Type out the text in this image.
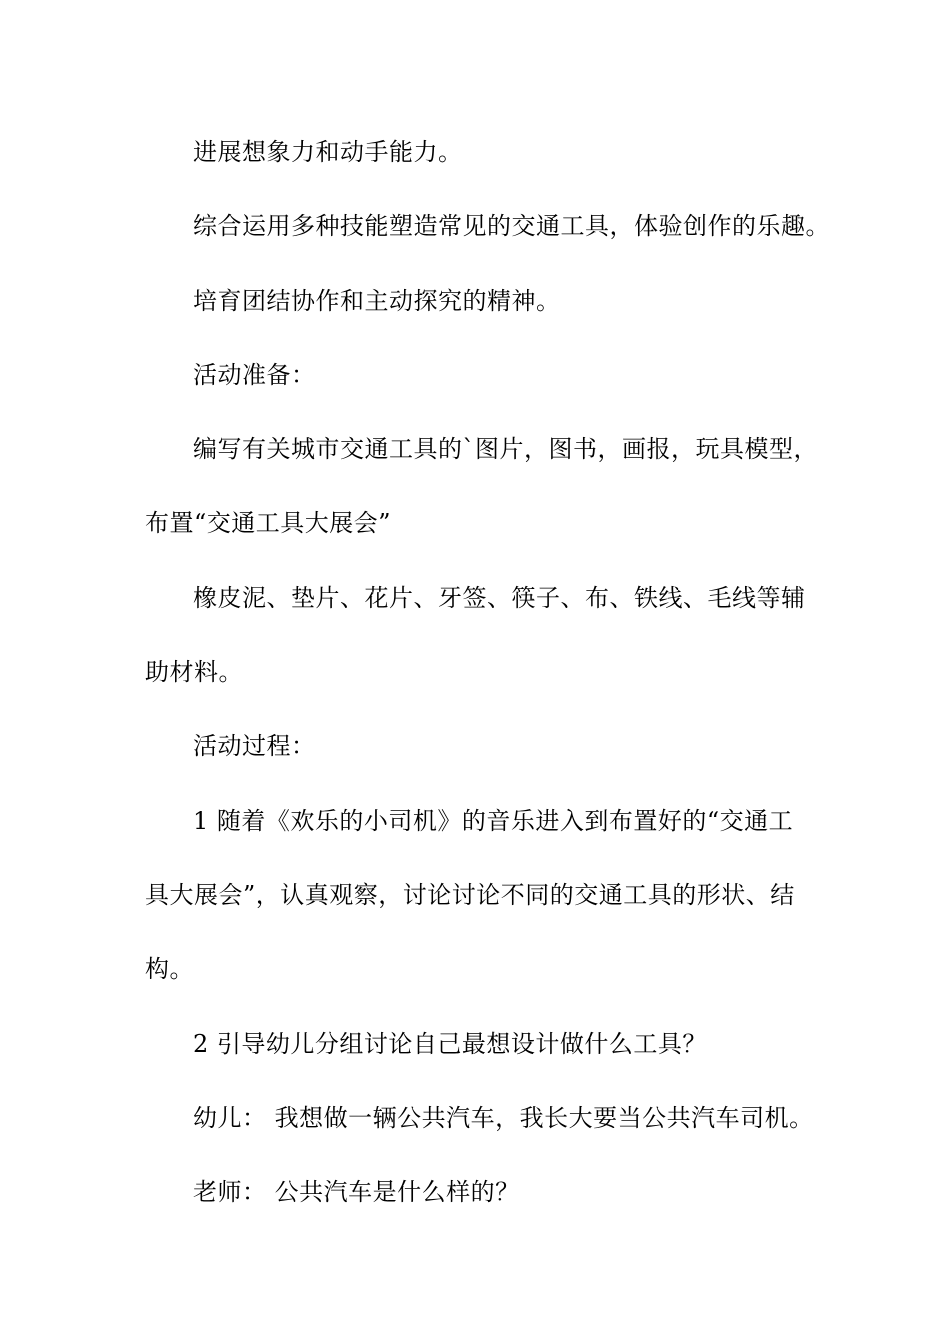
进展想象力和动手能力。
综合运用多种技能塑造常见的交通工具，体验创作的乐趣。
培育团结协作和主动探究的精神。
活动准备：
编写有关城市交通工具的`图片，图书，画报，玩具模型，
布置“交通工具大展会”
橡皮泥、垫片、花片、牙签、筷子、布、铁线、毛线等辅
助材料。
活动过程：
1 随着《欢乐的小司机》的音乐进入到布置好的“交通工
具大展会”，认真观察，讨论讨论不同的交通工具的形状、结
构。
2 引导幼儿分组讨论自己最想设计做什么工具？
幼儿： 我想做一辆公共汽车，我长大要当公共汽车司机。
老师： 公共汽车是什么样的？
